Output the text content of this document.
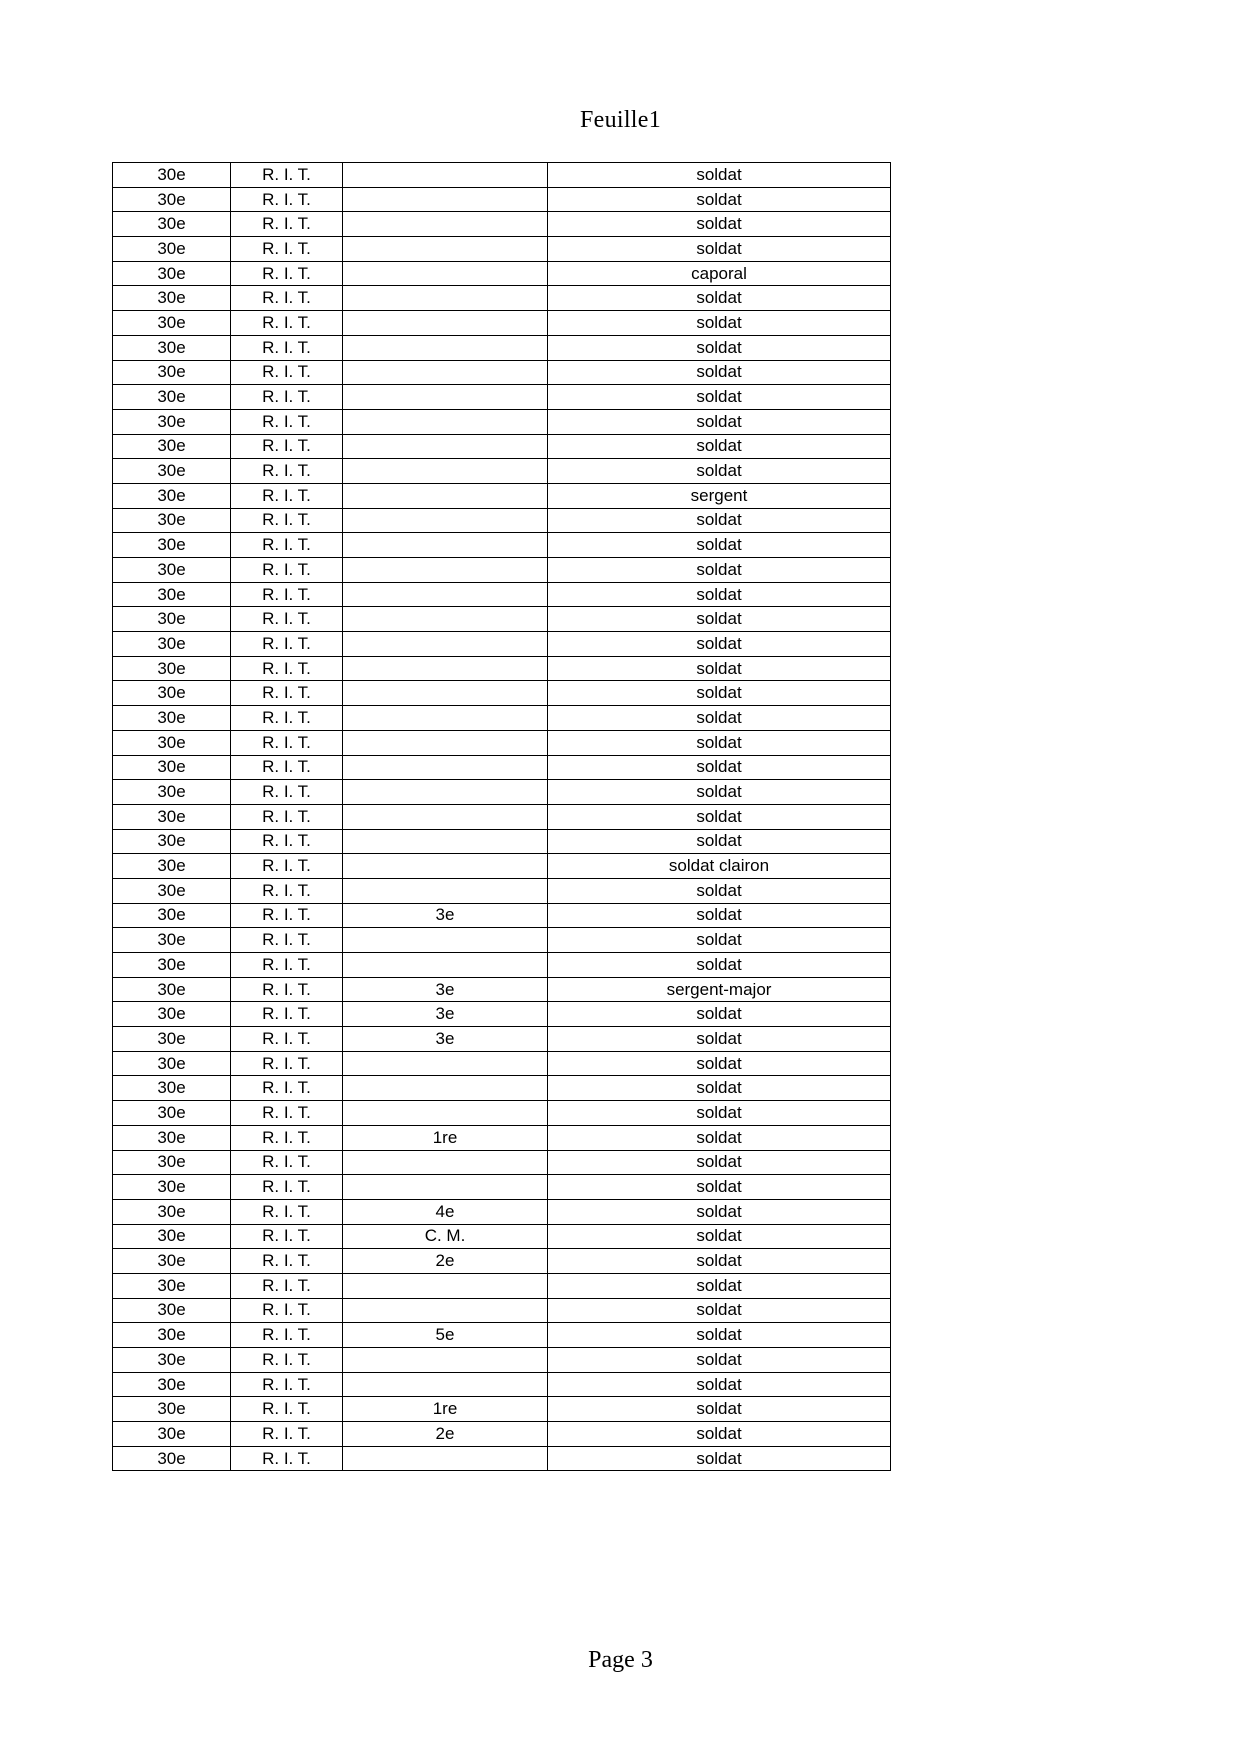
Feuille1
30e	R. I. T.		soldat
30e	R. I. T.		soldat
30e	R. I. T.		soldat
30e	R. I. T.		soldat
30e	R. I. T.		caporal
30e	R. I. T.		soldat
30e	R. I. T.		soldat
30e	R. I. T.		soldat
30e	R. I. T.		soldat
30e	R. I. T.		soldat
30e	R. I. T.		soldat
30e	R. I. T.		soldat
30e	R. I. T.		soldat
30e	R. I. T.		sergent
30e	R. I. T.		soldat
30e	R. I. T.		soldat
30e	R. I. T.		soldat
30e	R. I. T.		soldat
30e	R. I. T.		soldat
30e	R. I. T.		soldat
30e	R. I. T.		soldat
30e	R. I. T.		soldat
30e	R. I. T.		soldat
30e	R. I. T.		soldat
30e	R. I. T.		soldat
30e	R. I. T.		soldat
30e	R. I. T.		soldat
30e	R. I. T.		soldat
30e	R. I. T.		soldat clairon
30e	R. I. T.		soldat
30e	R. I. T.	3e	soldat
30e	R. I. T.		soldat
30e	R. I. T.		soldat
30e	R. I. T.	3e	sergent-major
30e	R. I. T.	3e	soldat
30e	R. I. T.	3e	soldat
30e	R. I. T.		soldat
30e	R. I. T.		soldat
30e	R. I. T.		soldat
30e	R. I. T.	1re	soldat
30e	R. I. T.		soldat
30e	R. I. T.		soldat
30e	R. I. T.	4e	soldat
30e	R. I. T.	C. M.	soldat
30e	R. I. T.	2e	soldat
30e	R. I. T.		soldat
30e	R. I. T.		soldat
30e	R. I. T.	5e	soldat
30e	R. I. T.		soldat
30e	R. I. T.		soldat
30e	R. I. T.	1re	soldat
30e	R. I. T.	2e	soldat
30e	R. I. T.		soldat
Page 3
